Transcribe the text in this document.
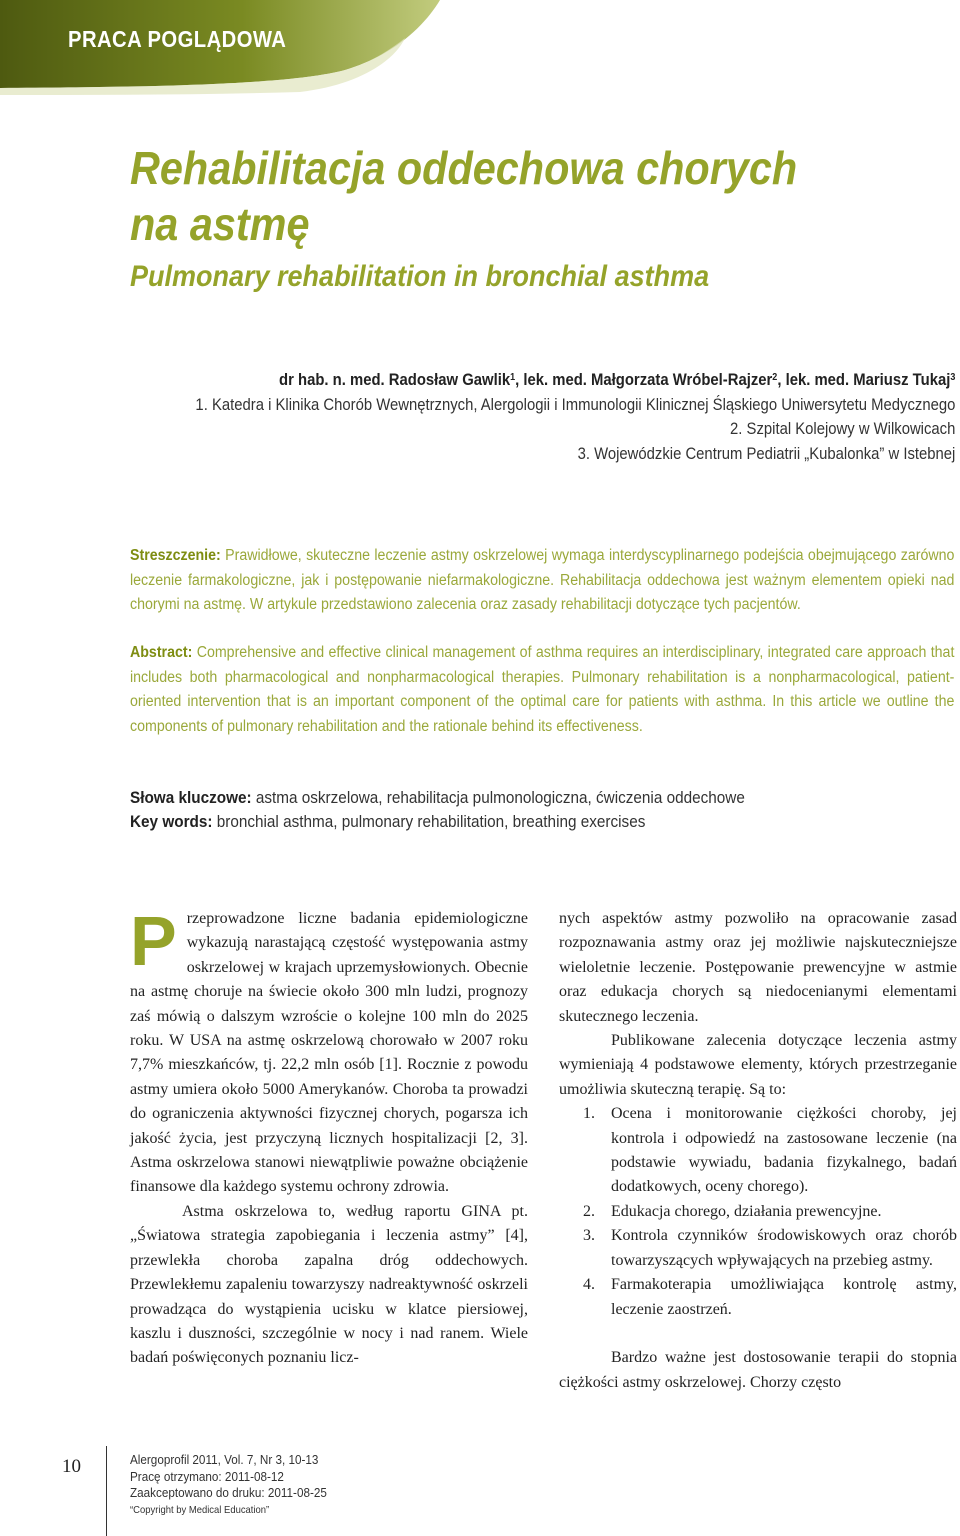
PRACA POGLĄDOWA
Rehabilitacja oddechowa chorych
na astmę
Pulmonary rehabilitation in bronchial asthma
dr hab. n. med. Radosław Gawlik$^1$, lek. med. Małgorzata Wróbel-Rajzer$^2$, lek. med. Mariusz Tukaj$^3$
1. Katedra i Klinika Chorób Wewnętrznych, Alergologii i Immunologii Klinicznej Śląskiego Uniwersytetu Medycznego
2. Szpital Kolejowy w Wilkowicach
3. Wojewódzkie Centrum Pediatrii „Kubalonka” w Istebnej
Streszczenie: Prawidłowe, skuteczne leczenie astmy oskrzelowej wymaga interdyscyplinarnego podejścia obejmującego zarówno leczenie farmakologiczne, jak i postępowanie niefarmakologiczne. Rehabilitacja oddechowa jest ważnym elementem opieki nad chorymi na astmę. W artykule przedstawiono zalecenia oraz zasady rehabilitacji dotyczące tych pacjentów.
Abstract: Comprehensive and effective clinical management of asthma requires an interdisciplinary, integrated care approach that includes both pharmacological and nonpharmacological therapies. Pulmonary rehabilitation is a nonpharmacological, patient-oriented intervention that is an important component of the optimal care for patients with asthma. In this article we outline the components of pulmonary rehabilitation and the rationale behind its effectiveness.
Słowa kluczowe: astma oskrzelowa, rehabilitacja pulmonologiczna, ćwiczenia oddechowe
Key words: bronchial asthma, pulmonary rehabilitation, breathing exercises

Przeprowadzone liczne badania epidemiologiczne wykazują narastającą częstość występowania astmy oskrzelowej w krajach uprzemysłowionych. Obecnie na astmę choruje na świecie około 300 mln ludzi, prognozy zaś mówią o dalszym wzroście o kolejne 100 mln do 2025 roku. W USA na astmę oskrzelową chorowało w 2007 roku 7,7% mieszkańców, tj. 22,2 mln osób [1]. Rocznie z powodu astmy umiera około 5000 Amerykanów. Choroba ta prowadzi do ograniczenia aktywności fizycznej chorych, pogarsza ich jakość życia, jest przyczyną licznych hospitalizacji [2, 3]. Astma oskrzelowa stanowi niewątpliwie poważne obciążenie finansowe dla każdego systemu ochrony zdrowia.

Astma oskrzelowa to, według raportu GINA pt. „Światowa strategia zapobiegania i leczenia astmy” [4], przewlekła choroba zapalna dróg oddechowych. Przewlekłemu zapaleniu towarzyszy nadreaktywność oskrzeli prowadząca do wystąpienia ucisku w klatce piersiowej, kaszlu i duszności, szczególnie w nocy i nad ranem. Wiele badań poświęconych poznaniu licz-

nych aspektów astmy pozwoliło na opracowanie zasad rozpoznawania astmy oraz jej możliwie najskuteczniejsze wieloletnie leczenie. Postępowanie prewencyjne w astmie oraz edukacja chorych są niedocenianymi elementami skutecznego leczenia.

Publikowane zalecenia dotyczące leczenia astmy wymieniają 4 podstawowe elementy, których przestrzeganie umożliwia skuteczną terapię. Są to:

1. Ocena i monitorowanie ciężkości choroby, jej kontrola i odpowiedź na zastosowane leczenie (na podstawie wywiadu, badania fizykalnego, badań dodatkowych, oceny chorego).
2. Edukacja chorego, działania prewencyjne.
3. Kontrola czynników środowiskowych oraz chorób towarzyszących wpływających na przebieg astmy.
4. Farmakoterapia umożliwiająca kontrolę astmy, leczenie zaostrzeń.

Bardzo ważne jest dostosowanie terapii do stopnia ciężkości astmy oskrzelowej. Chorzy często

10	Alergoprofil 2011, Vol. 7, Nr 3, 10-13
Pracę otrzymano: 2011-08-12
Zaakceptowano do druku: 2011-08-25
“Copyright by Medical Education”
